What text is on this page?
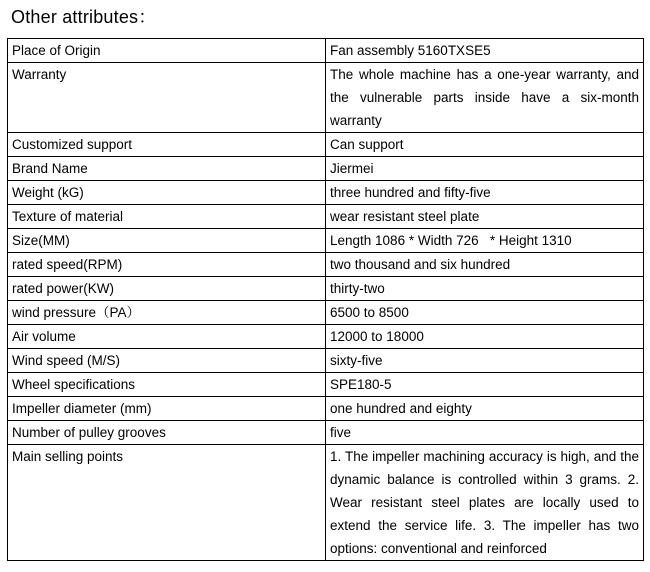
Other attributes：
Place of Origin	Fan assembly 5160TXSE5
Warranty	The whole machine has a one-year warranty, and the vulnerable parts inside have a six-month warranty
Customized support	Can support
Brand Name	Jiermei
Weight (kG)	three hundred and fifty-five
Texture of material	wear resistant steel plate
Size(MM)	Length 1086 * Width 726   * Height 1310
rated speed(RPM)	two thousand and six hundred
rated power(KW)	thirty-two
wind pressure（PA）	6500 to 8500
Air volume	12000 to 18000
Wind speed (M/S)	sixty-five
Wheel specifications	SPE180-5
Impeller diameter (mm)	one hundred and eighty
Number of pulley grooves	five
Main selling points	1. The impeller machining accuracy is high, and the dynamic balance is controlled within 3 grams. 2. Wear resistant steel plates are locally used to extend the service life. 3. The impeller has two options: conventional and reinforced
